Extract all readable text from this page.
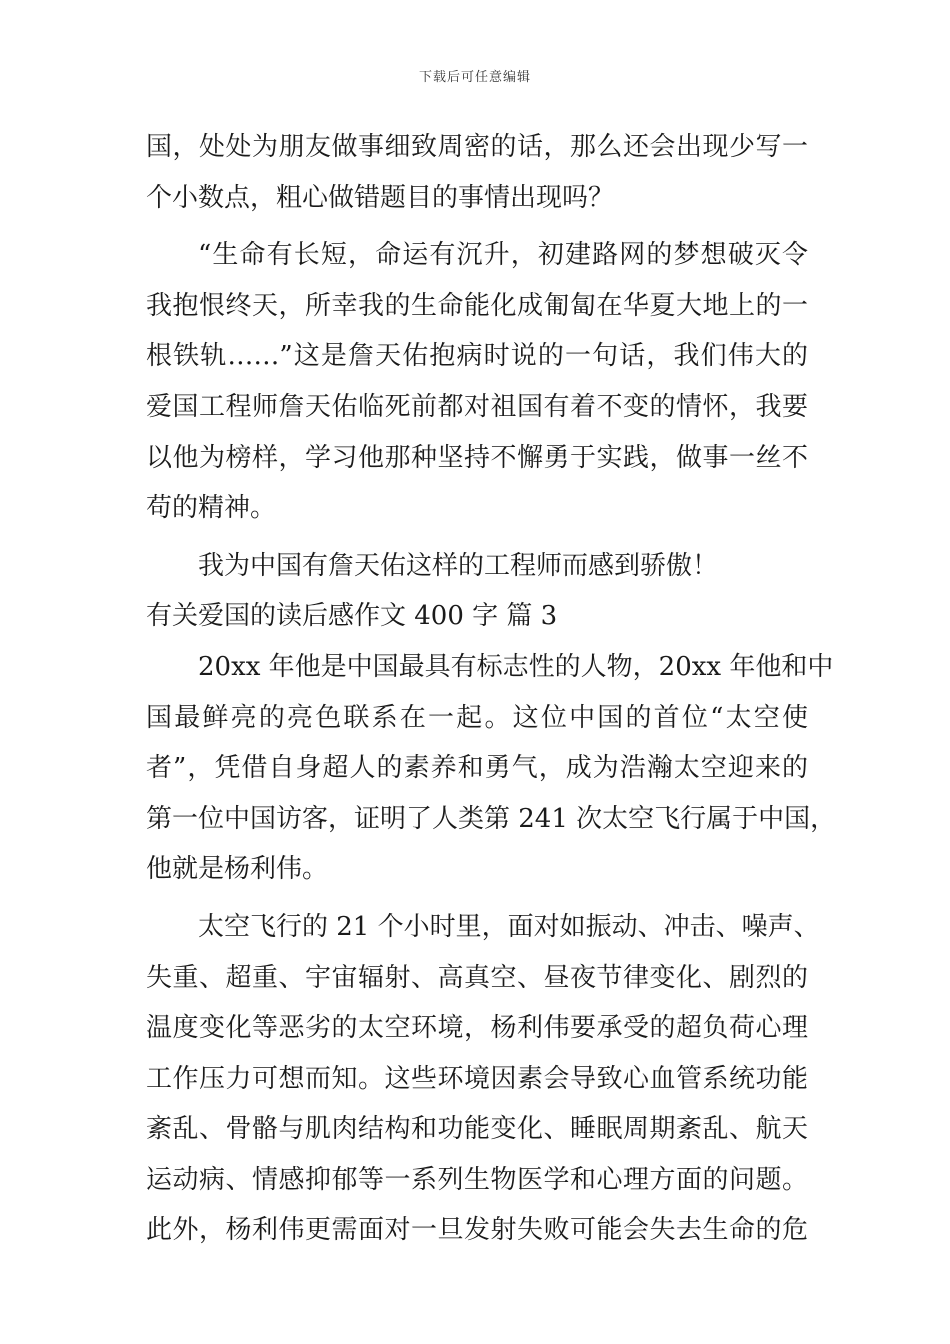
下载后可任意编辑
国，处处为朋友做事细致周密的话，那么还会出现少写一
个小数点，粗心做错题目的事情出现吗？
“生命有长短，命运有沉升，初建路网的梦想破灭令
我抱恨终天，所幸我的生命能化成匍匐在华夏大地上的一
根铁轨……”这是詹天佑抱病时说的一句话，我们伟大的
爱国工程师詹天佑临死前都对祖国有着不变的情怀，我要
以他为榜样，学习他那种坚持不懈勇于实践，做事一丝不
苟的精神。
我为中国有詹天佑这样的工程师而感到骄傲！
有关爱国的读后感作文 400 字 篇 3
20xx 年他是中国最具有标志性的人物，20xx 年他和中
国最鲜亮的亮色联系在一起。这位中国的首位“太空使
者”，凭借自身超人的素养和勇气，成为浩瀚太空迎来的
第一位中国访客，证明了人类第 241 次太空飞行属于中国，
他就是杨利伟。
太空飞行的 21 个小时里，面对如振动、冲击、噪声、
失重、超重、宇宙辐射、高真空、昼夜节律变化、剧烈的
温度变化等恶劣的太空环境，杨利伟要承受的超负荷心理
工作压力可想而知。这些环境因素会导致心血管系统功能
紊乱、骨骼与肌肉结构和功能变化、睡眠周期紊乱、航天
运动病、情感抑郁等一系列生物医学和心理方面的问题。
此外，杨利伟更需面对一旦发射失败可能会失去生命的危
